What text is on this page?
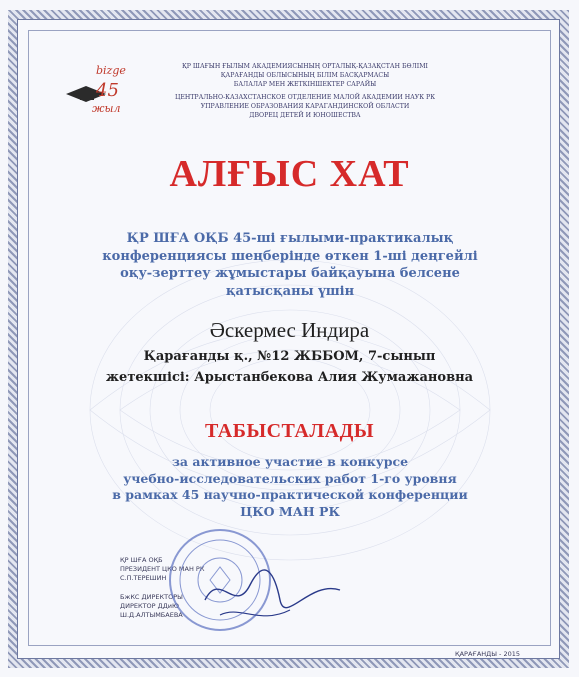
bizge
45
жыл
ҚР ШАҒЫН ҒЫЛЫМ АКАДЕМИЯСЫНЫҢ ОРТАЛЫҚ-ҚАЗАҚСТАН БӨЛІМІ
ҚАРАҒАНДЫ ОБЛЫСЫНЫҢ БІЛІМ БАСҚАРМАСЫ
БАЛАЛАР МЕН ЖЕТКІНШЕКТЕР САРАЙЫ
ЦЕНТРАЛЬНО-КАЗАХСТАНСКОЕ ОТДЕЛЕНИЕ МАЛОЙ АКАДЕМИИ НАУК РК
УПРАВЛЕНИЕ ОБРАЗОВАНИЯ КАРАГАНДИНСКОЙ ОБЛАСТИ
ДВОРЕЦ ДЕТЕЙ И ЮНОШЕСТВА
АЛҒЫС ХАТ
ҚР ШҒА ОҚБ 45-ші ғылыми-практикалық
конференциясы шеңберінде өткен 1-ші деңгейлі
оқу-зерттеу жұмыстары байқауына белсене
қатысқаны үшін
Әскермес Индира
Қарағанды қ., №12 ЖББОМ, 7-сынып
жетекшісі: Арыстанбекова Алия Жумажановна
ТАБЫСТАЛАДЫ
за активное участие в конкурсе
учебно-исследовательских работ 1-го уровня
в рамках 45 научно-практической конференции
ЦКО МАН РК
ҚР ШҒА ОҚБ
ПРЕЗИДЕНТ ЦКО МАН РК
С.П.ТЕРЕШИН
БжКС ДИРЕКТОРЫ
ДИРЕКТОР ДДиЮ
Ш.Д.АЛТЫМБАЕВА
ҚАРАҒАНДЫ - 2015
